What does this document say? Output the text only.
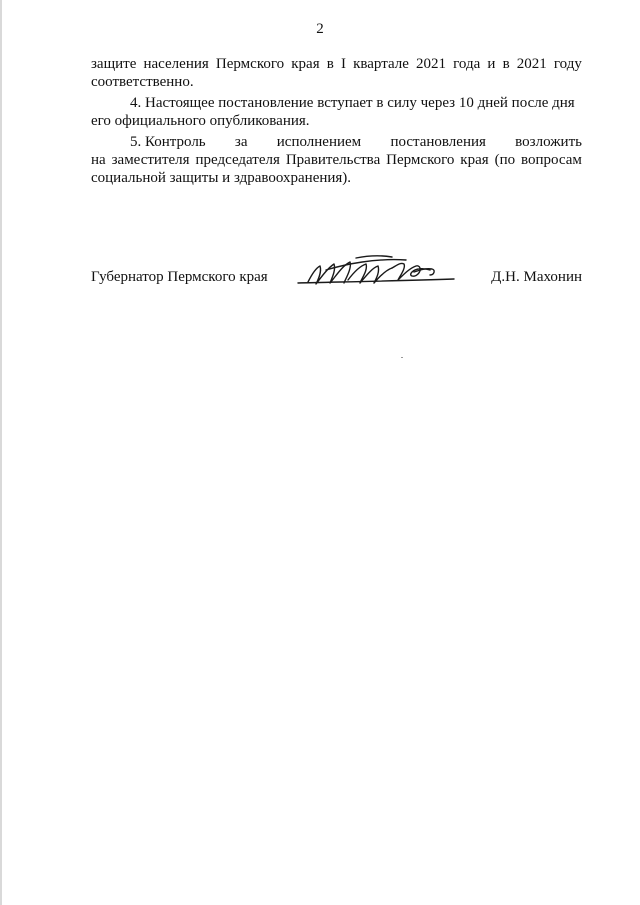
2
защите населения Пермского края в I квартале 2021 года и в 2021 году
соответственно.
4. Настоящее постановление вступает в силу через 10 дней после дня
его официального опубликования.
5. Контроль за исполнением постановления возложить
на заместителя председателя Правительства Пермского края (по вопросам
социальной защиты и здравоохранения).
Губернатор Пермского края	Д.Н. Махонин
